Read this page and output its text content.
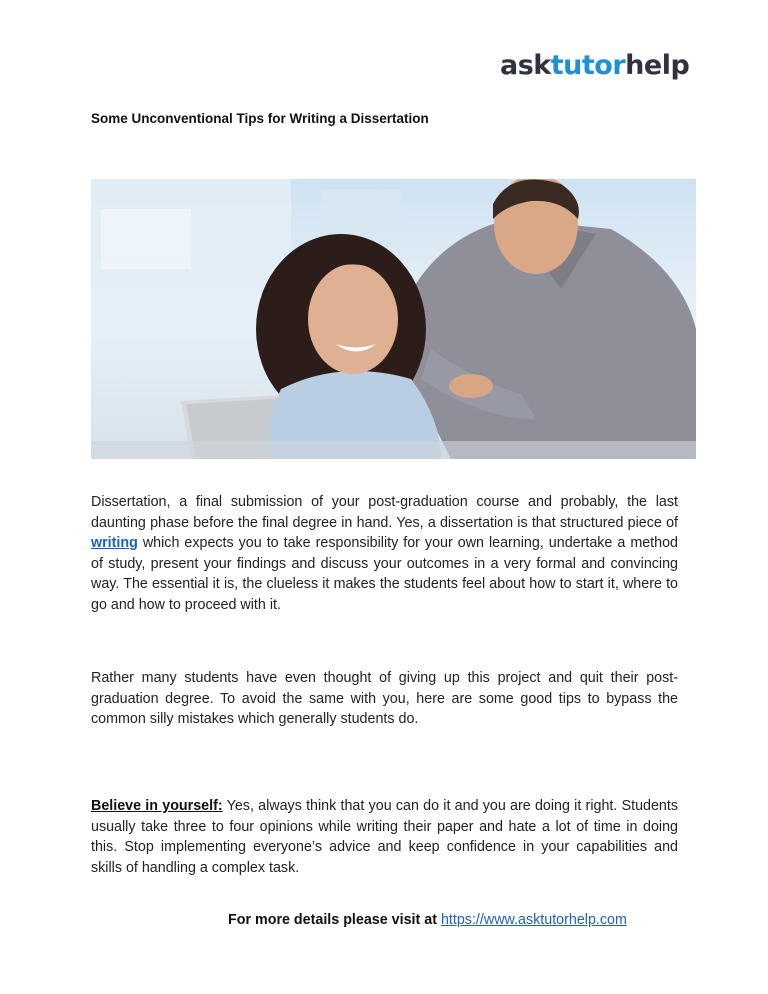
asktutorhelp
Some Unconventional Tips for Writing a Dissertation
Dissertation, a final submission of your post-graduation course and probably, the last daunting phase before the final degree in hand. Yes, a dissertation is that structured piece of writing which expects you to take responsibility for your own learning, undertake a method of study, present your findings and discuss your outcomes in a very formal and convincing way. The essential it is, the clueless it makes the students feel about how to start it, where to go and how to proceed with it.
Rather many students have even thought of giving up this project and quit their post-graduation degree. To avoid the same with you, here are some good tips to bypass the common silly mistakes which generally students do.
Believe in yourself: Yes, always think that you can do it and you are doing it right. Students usually take three to four opinions while writing their paper and hate a lot of time in doing this. Stop implementing everyone’s advice and keep confidence in your capabilities and skills of handling a complex task.
For more details please visit at https://www.asktutorhelp.com
